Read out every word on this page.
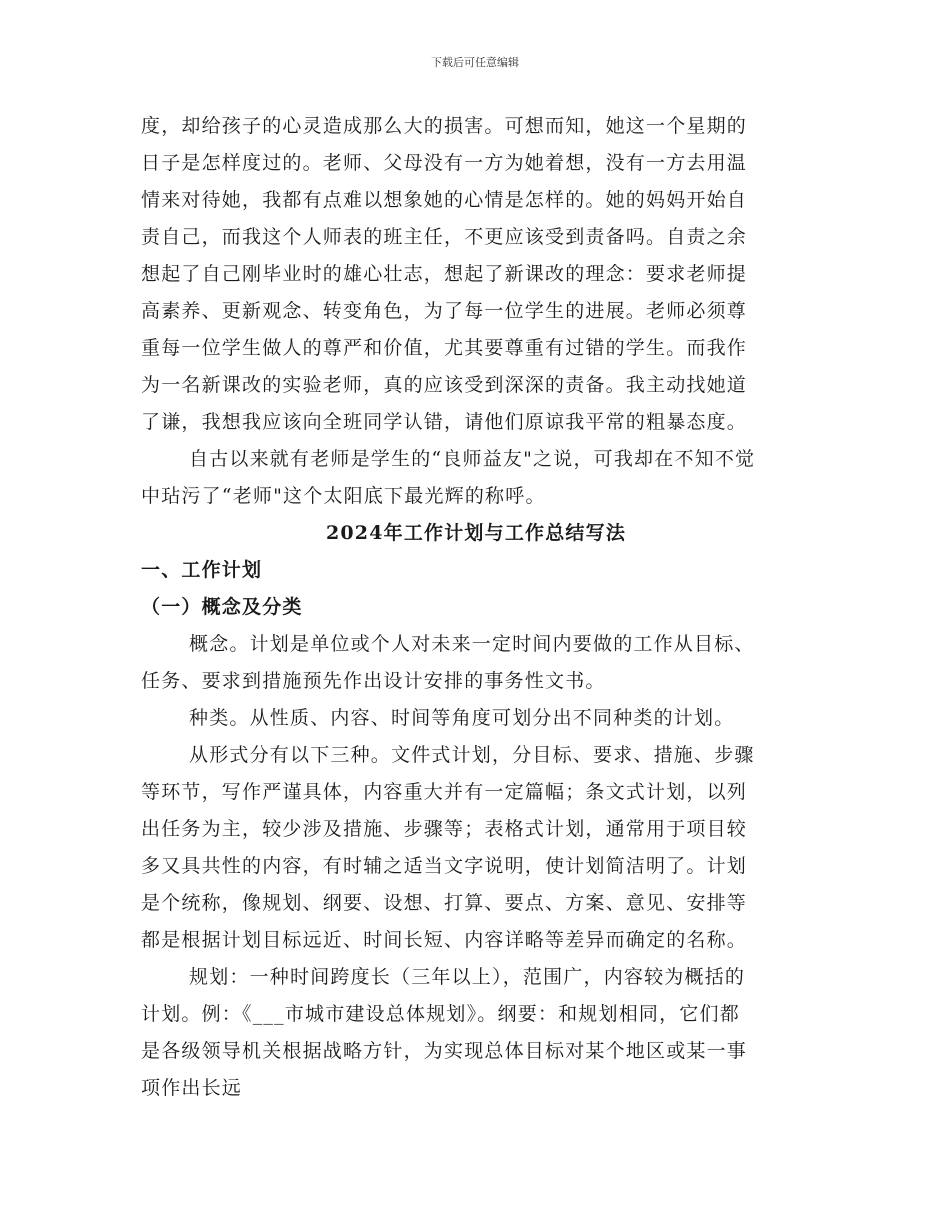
下载后可任意编辑
度，却给孩子的心灵造成那么大的损害。可想而知，她这一个星期的
日子是怎样度过的。老师、父母没有一方为她着想，没有一方去用温
情来对待她，我都有点难以想象她的心情是怎样的。她的妈妈开始自
责自己，而我这个人师表的班主任，不更应该受到责备吗。自责之余
想起了自己刚毕业时的雄心壮志，想起了新课改的理念：要求老师提
高素养、更新观念、转变角色，为了每一位学生的进展。老师必须尊
重每一位学生做人的尊严和价值，尤其要尊重有过错的学生。而我作
为一名新课改的实验老师，真的应该受到深深的责备。我主动找她道
了谦，我想我应该向全班同学认错，请他们原谅我平常的粗暴态度。
自古以来就有老师是学生的“良师益友"之说，可我却在不知不觉
中玷污了“老师"这个太阳底下最光辉的称呼。
2024年工作计划与工作总结写法
一、工作计划
（一）概念及分类
概念。计划是单位或个人对未来一定时间内要做的工作从目标、
任务、要求到措施预先作出设计安排的事务性文书。
种类。从性质、内容、时间等角度可划分出不同种类的计划。
从形式分有以下三种。文件式计划，分目标、要求、措施、步骤
等环节，写作严谨具体，内容重大并有一定篇幅；条文式计划，以列
出任务为主，较少涉及措施、步骤等；表格式计划，通常用于项目较
多又具共性的内容，有时辅之适当文字说明，使计划简洁明了。计划
是个统称，像规划、纲要、设想、打算、要点、方案、意见、安排等
都是根据计划目标远近、时间长短、内容详略等差异而确定的名称。
规划：一种时间跨度长（三年以上），范围广，内容较为概括的
计划。例：《___市城市建设总体规划》。纲要：和规划相同，它们都
是各级领导机关根据战略方针，为实现总体目标对某个地区或某一事
项作出长远
